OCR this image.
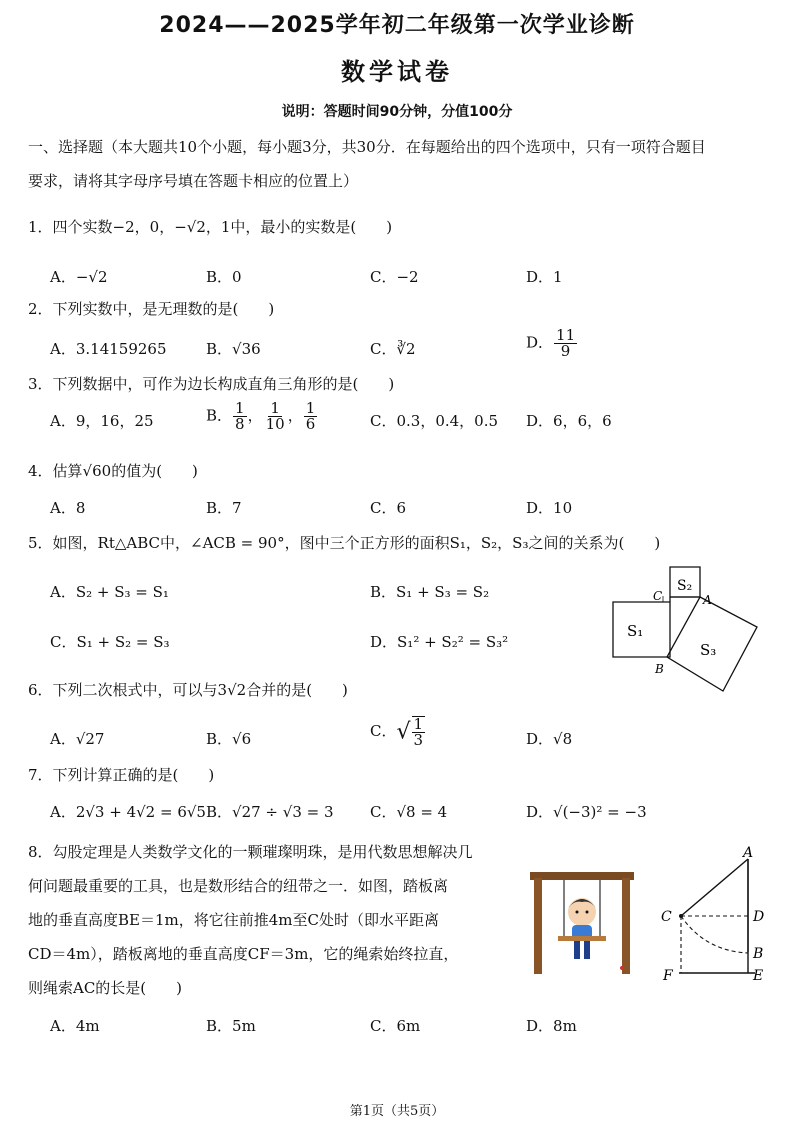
2024——2025学年初二年级第一次学业诊断
数学试卷
说明：答题时间90分钟，分值100分
一、选择题（本大题共10个小题，每小题3分，共30分．在每题给出的四个选项中，只有一项符合题目
要求，请将其字母序号填在答题卡相应的位置上）
1．四个实数−2，0，−√2，1中，最小的实数是(　　)
A．−√2	B．0	C．−2	D．1
2．下列实数中，是无理数的是(　　)
A．3.14159265	B．√36	C．∛2	D． $\frac{11}{9}$
3．下列数据中，可作为边长构成直角三角形的是(　　)
A．9，16，25	B． $\frac{1}{8}$ ， $\frac{1}{10}$ ， $\frac{1}{6}$	C．0.3，0.4，0.5 D．6，6，6
4．估算√60的值为(　　)
A．8	B．7	C．6	D．10
5．如图，Rt△ABC中，∠ACB = 90°，图中三个正方形的面积S₁，S₂，S₃之间的关系为(　　)
A．S₂ + S₃ = S₁	B．S₁ + S₃ = S₂
C．S₁ + S₂ = S₃	D．S₁² + S₂² = S₃²
C	A
B
S₁
S₂
S₃
6．下列二次根式中，可以与3√2合并的是(　　)
A．√27	B．√6	C．√ $\frac{1}{3}$	D．√8
7．下列计算正确的是(　　)
A．2√3 + 4√2 = 6√5 B．√27 ÷ √3 = 3 C．√8 = 4	D．√(−3)² = −3
8．勾股定理是人类数学文化的一颗璀璨明珠，是用代数思想解决几
何问题最重要的工具，也是数形结合的纽带之一．如图，踏板离
地的垂直高度BE＝1m，将它往前推4m至C处时（即水平距离
CD＝4m），踏板离地的垂直高度CF＝3m，它的绳索始终拉直，
则绳索AC的长是(　　)
A
C	D
B
F	E
A．4m	B．5m	C．6m	D．8m
第1页（共5页）
